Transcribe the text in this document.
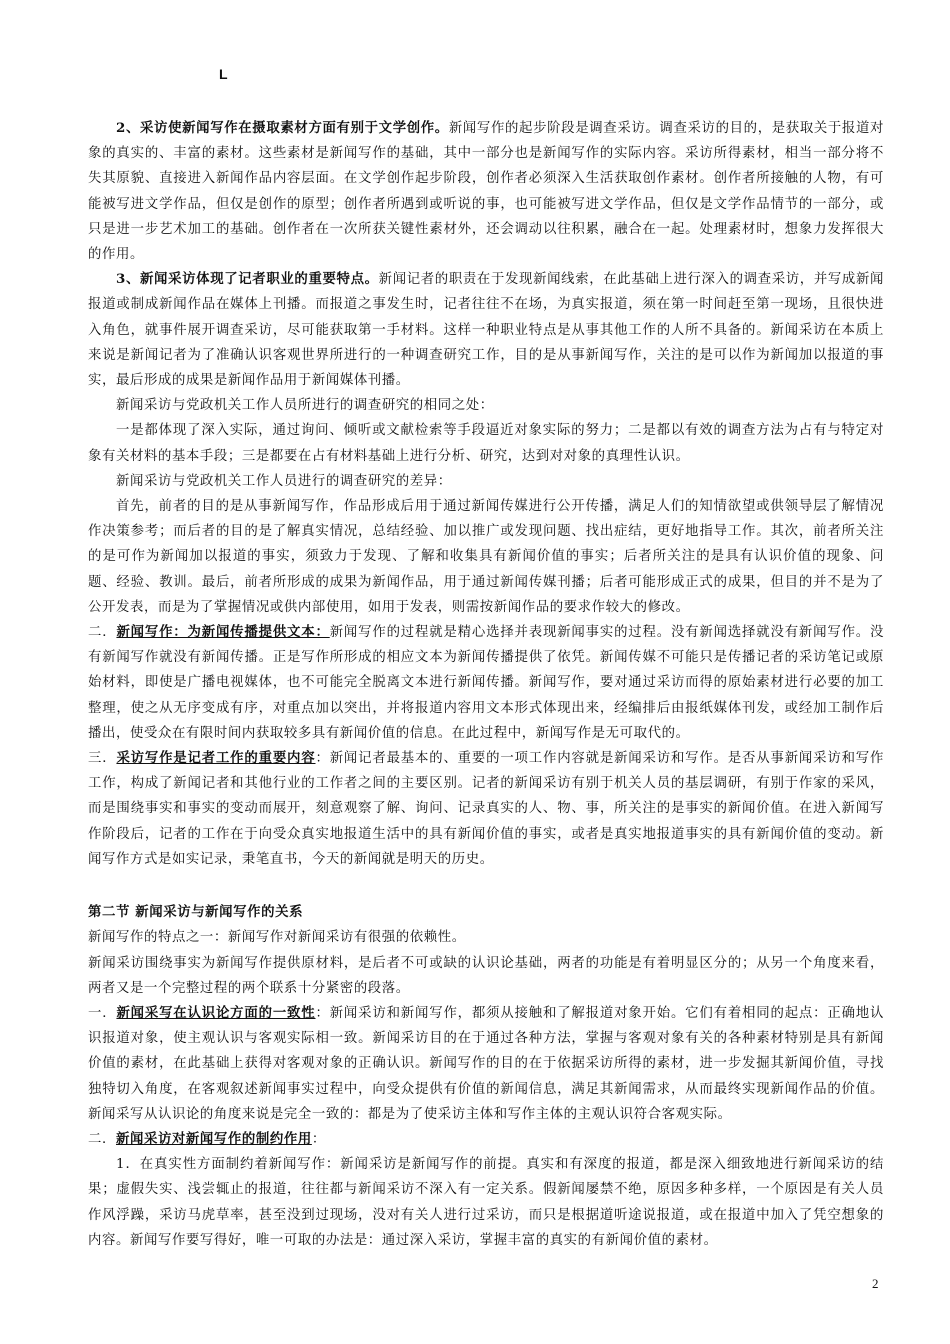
L

2、采访使新闻写作在摄取素材方面有别于文学创作。新闻写作的起步阶段是调查采访。调查采访的目的，是获取关于报道对象的真实的、丰富的素材。这些素材是新闻写作的基础，其中一部分也是新闻写作的实际内容。采访所得素材，相当一部分将不失其原貌、直接进入新闻作品内容层面。在文学创作起步阶段，创作者必须深入生活获取创作素材。创作者所接触的人物，有可能被写进文学作品，但仅是创作的原型；创作者所遇到或听说的事，也可能被写进文学作品，但仅是文学作品情节的一部分，或只是进一步艺术加工的基础。创作者在一次所获关键性素材外，还会调动以往积累，融合在一起。处理素材时，想象力发挥很大的作用。

3、新闻采访体现了记者职业的重要特点。新闻记者的职责在于发现新闻线索，在此基础上进行深入的调查采访，并写成新闻报道或制成新闻作品在媒体上刊播。而报道之事发生时，记者往往不在场，为真实报道，须在第一时间赶至第一现场，且很快进入角色，就事件展开调查采访，尽可能获取第一手材料。这样一种职业特点是从事其他工作的人所不具备的。新闻采访在本质上来说是新闻记者为了准确认识客观世界所进行的一种调查研究工作，目的是从事新闻写作，关注的是可以作为新闻加以报道的事实，最后形成的成果是新闻作品用于新闻媒体刊播。

新闻采访与党政机关工作人员所进行的调查研究的相同之处：

一是都体现了深入实际，通过询问、倾听或文献检索等手段逼近对象实际的努力；二是都以有效的调查方法为占有与特定对象有关材料的基本手段；三是都要在占有材料基础上进行分析、研究，达到对对象的真理性认识。

新闻采访与党政机关工作人员进行的调查研究的差异：

首先，前者的目的是从事新闻写作，作品形成后用于通过新闻传媒进行公开传播，满足人们的知情欲望或供领导层了解情况作决策参考；而后者的目的是了解真实情况，总结经验、加以推广或发现问题、找出症结，更好地指导工作。其次，前者所关注的是可作为新闻加以报道的事实，须致力于发现、了解和收集具有新闻价值的事实；后者所关注的是具有认识价值的现象、问题、经验、教训。最后，前者所形成的成果为新闻作品，用于通过新闻传媒刊播；后者可能形成正式的成果，但目的并不是为了公开发表，而是为了掌握情况或供内部使用，如用于发表，则需按新闻作品的要求作较大的修改。

二．新闻写作：为新闻传播提供文本：新闻写作的过程就是精心选择并表现新闻事实的过程。没有新闻选择就没有新闻写作。没有新闻写作就没有新闻传播。正是写作所形成的相应文本为新闻传播提供了依凭。新闻传媒不可能只是传播记者的采访笔记或原始材料，即使是广播电视媒体，也不可能完全脱离文本进行新闻传播。新闻写作，要对通过采访而得的原始素材进行必要的加工整理，使之从无序变成有序，对重点加以突出，并将报道内容用文本形式体现出来，经编排后由报纸媒体刊发，或经加工制作后播出，使受众在有限时间内获取较多具有新闻价值的信息。在此过程中，新闻写作是无可取代的。

三．采访写作是记者工作的重要内容：新闻记者最基本的、重要的一项工作内容就是新闻采访和写作。是否从事新闻采访和写作工作，构成了新闻记者和其他行业的工作者之间的主要区别。记者的新闻采访有别于机关人员的基层调研，有别于作家的采风，而是围绕事实和事实的变动而展开，刻意观察了解、询问、记录真实的人、物、事，所关注的是事实的新闻价值。在进入新闻写作阶段后，记者的工作在于向受众真实地报道生活中的具有新闻价值的事实，或者是真实地报道事实的具有新闻价值的变动。新闻写作方式是如实记录，秉笔直书，今天的新闻就是明天的历史。

第二节 新闻采访与新闻写作的关系

新闻写作的特点之一：新闻写作对新闻采访有很强的依赖性。

新闻采访围绕事实为新闻写作提供原材料，是后者不可或缺的认识论基础，两者的功能是有着明显区分的；从另一个角度来看，两者又是一个完整过程的两个联系十分紧密的段落。

一．新闻采写在认识论方面的一致性：新闻采访和新闻写作，都须从接触和了解报道对象开始。它们有着相同的起点：正确地认识报道对象，使主观认识与客观实际相一致。新闻采访目的在于通过各种方法，掌握与客观对象有关的各种素材特别是具有新闻价值的素材，在此基础上获得对客观对象的正确认识。新闻写作的目的在于依据采访所得的素材，进一步发掘其新闻价值，寻找独特切入角度，在客观叙述新闻事实过程中，向受众提供有价值的新闻信息，满足其新闻需求，从而最终实现新闻作品的价值。新闻采写从认识论的角度来说是完全一致的：都是为了使采访主体和写作主体的主观认识符合客观实际。

二．新闻采访对新闻写作的制约作用：

1．在真实性方面制约着新闻写作：新闻采访是新闻写作的前提。真实和有深度的报道，都是深入细致地进行新闻采访的结果；虚假失实、浅尝辄止的报道，往往都与新闻采访不深入有一定关系。假新闻屡禁不绝，原因多种多样，一个原因是有关人员作风浮躁，采访马虎草率，甚至没到过现场，没对有关人进行过采访，而只是根据道听途说报道，或在报道中加入了凭空想象的内容。新闻写作要写得好，唯一可取的办法是：通过深入采访，掌握丰富的真实的有新闻价值的素材。

2
